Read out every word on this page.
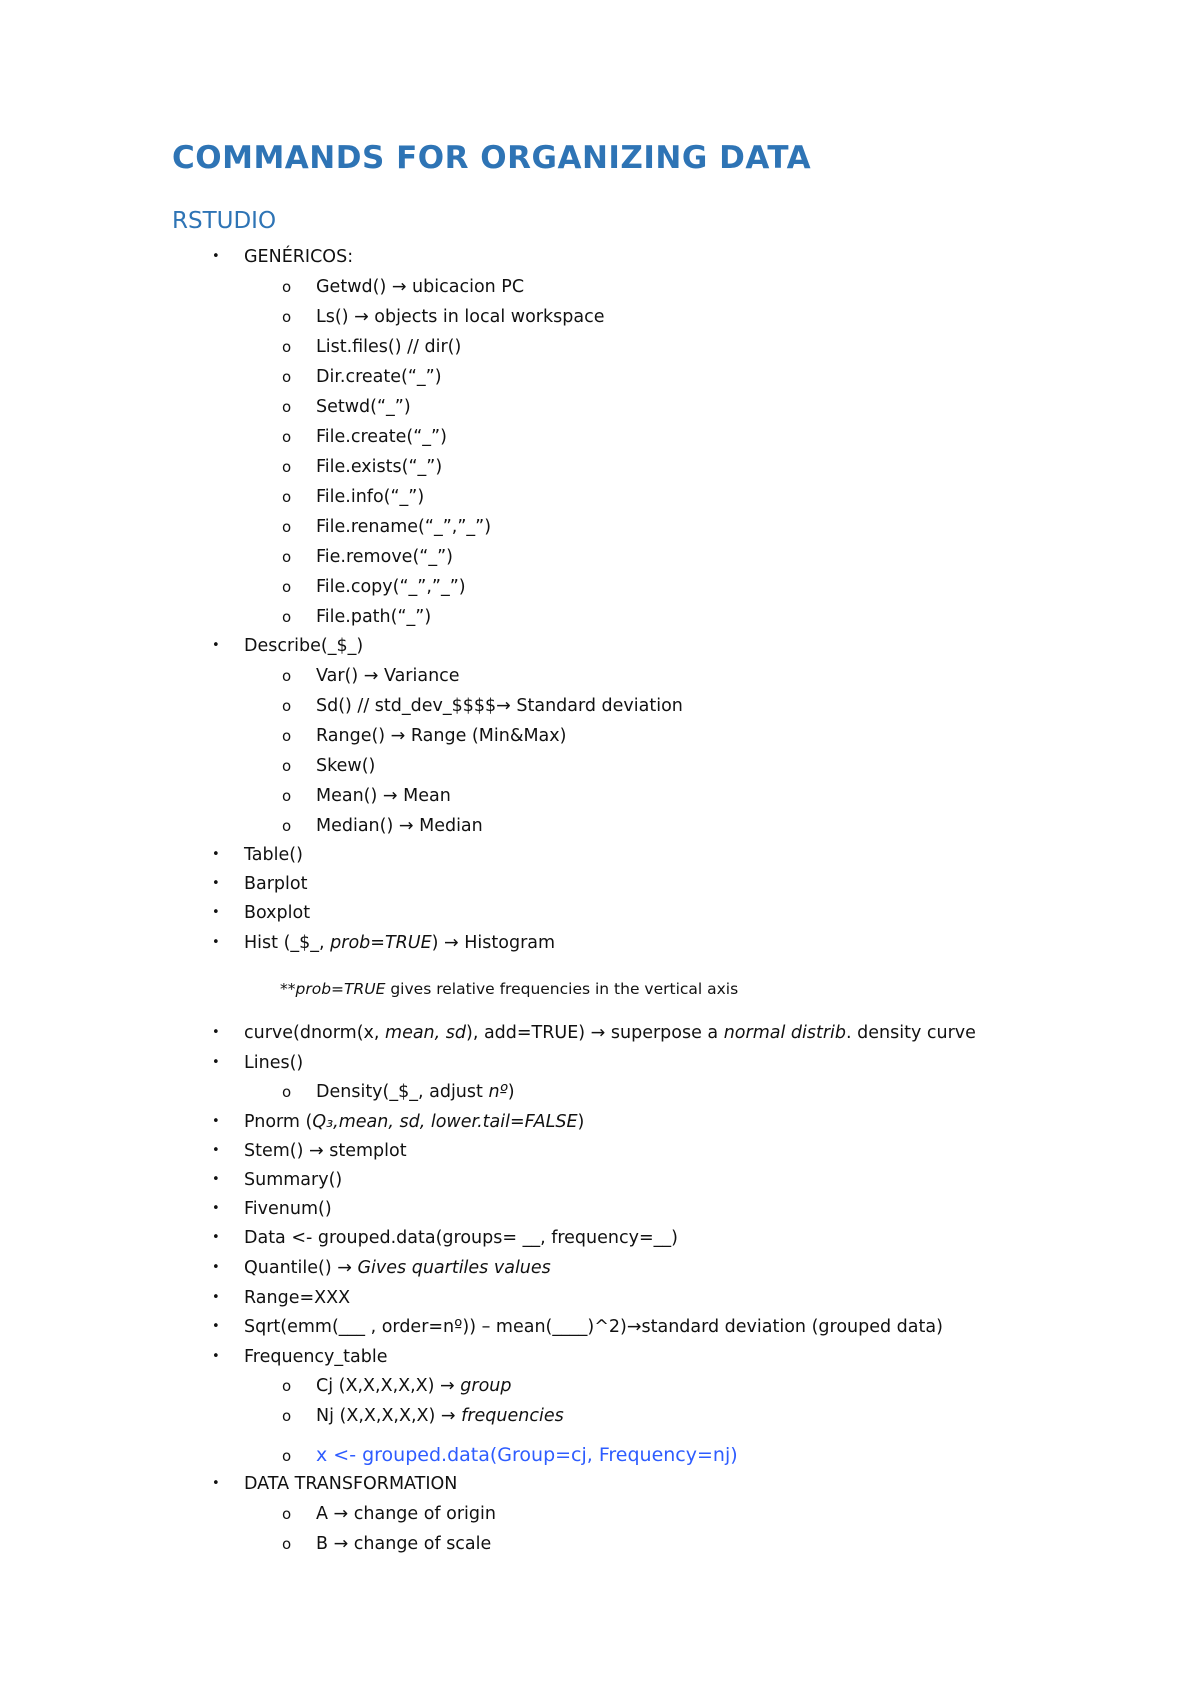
COMMANDS FOR ORGANIZING DATA
RSTUDIO
• GENÉRICOS:
o Getwd() → ubicacion PC
o Ls() → objects in local workspace
o List.files() // dir()
o Dir.create(“_”)
o Setwd(“_”)
o File.create(“_”)
o File.exists(“_”)
o File.info(“_”)
o File.rename(“_”,”_”)
o Fie.remove(“_”)
o File.copy(“_”,”_”)
o File.path(“_”)
• Describe(_$_)
o Var() → Variance
o Sd() // std_dev_$$$$→ Standard deviation
o Range() → Range (Min&Max)
o Skew()
o Mean() → Mean
o Median() → Median
• Table()
• Barplot
• Boxplot
• Hist (_$_, prob=TRUE) → Histogram
**prob=TRUE gives relative frequencies in the vertical axis
• curve(dnorm(x, mean, sd), add=TRUE) → superpose a normal distrib. density curve
• Lines()
o Density(_$_, adjust nº)
• Pnorm (Q₃,mean, sd, lower.tail=FALSE)
• Stem() → stemplot
• Summary()
• Fivenum()
• Data <- grouped.data(groups= __, frequency=__)
• Quantile() → Gives quartiles values
• Range=XXX
• Sqrt(emm(___ , order=nº)) – mean(____)^2)→standard deviation (grouped data)
• Frequency_table
o Cj (X,X,X,X,X) → group
o Nj (X,X,X,X,X) → frequencies
o x <- grouped.data(Group=cj, Frequency=nj)
• DATA TRANSFORMATION
o A → change of origin
o B → change of scale
